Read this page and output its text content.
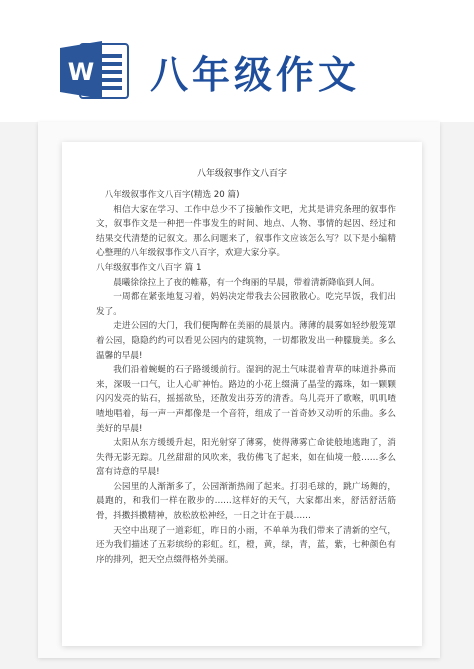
W 八年级作文
八年级叙事作文八百字

八年级叙事作文八百字(精选 20 篇)

相信大家在学习、工作中总少不了接触作文吧，尤其是讲究条理的叙事作文，叙事作文是一种把一件事发生的时间、地点、人物、事情的起因、经过和结果交代清楚的记叙文。那么问题来了，叙事作文应该怎么写？以下是小编精心整理的八年级叙事作文八百字，欢迎大家分享。

八年级叙事作文八百字 篇 1

晨曦徐徐拉上了夜的帷幕，有一个绚丽的早晨，带着清新降临到人间。

一周都在紧张地复习着，妈妈决定带我去公园散散心。吃完早饭，我们出发了。

走进公园的大门，我们便陶醉在美丽的晨景内。薄薄的晨雾如轻纱般笼罩着公园，隐隐约约可以看见公园内的建筑物，一切都散发出一种朦胧美。多么温馨的早晨!

我们沿着蜿蜒的石子路缓缓前行。湿润的泥土气味混着青草的味道扑鼻而来，深吸一口气，让人心旷神怡。路边的小花上缀满了晶莹的露珠，如一颗颗闪闪发亮的钻石，摇摇欲坠，还散发出芬芳的清香。鸟儿亮开了歌喉，叽叽喳喳地唱着，每一声一声都像是一个音符，组成了一首奇妙又动听的乐曲。多么美好的早晨!

太阳从东方缓缓升起，阳光射穿了薄雾，使得薄雾亡命徒般地逃跑了，消失得无影无踪。几丝甜甜的风吹来，我仿佛飞了起来，如在仙境一般……多么富有诗意的早晨!

公园里的人渐渐多了，公园渐渐热闹了起来。打羽毛球的，跳广场舞的，晨跑的，和我们一样在散步的……这样好的天气，大家都出来，舒活舒活筋骨，抖擞抖擞精神，放松放松神经，一日之计在于晨……

天空中出现了一道彩虹，昨日的小雨，不单单为我们带来了清新的空气，还为我们描述了五彩缤纷的彩虹。红，橙，黄，绿，青，蓝，紫，七种颜色有序的排列，把天空点缀得格外美丽。
